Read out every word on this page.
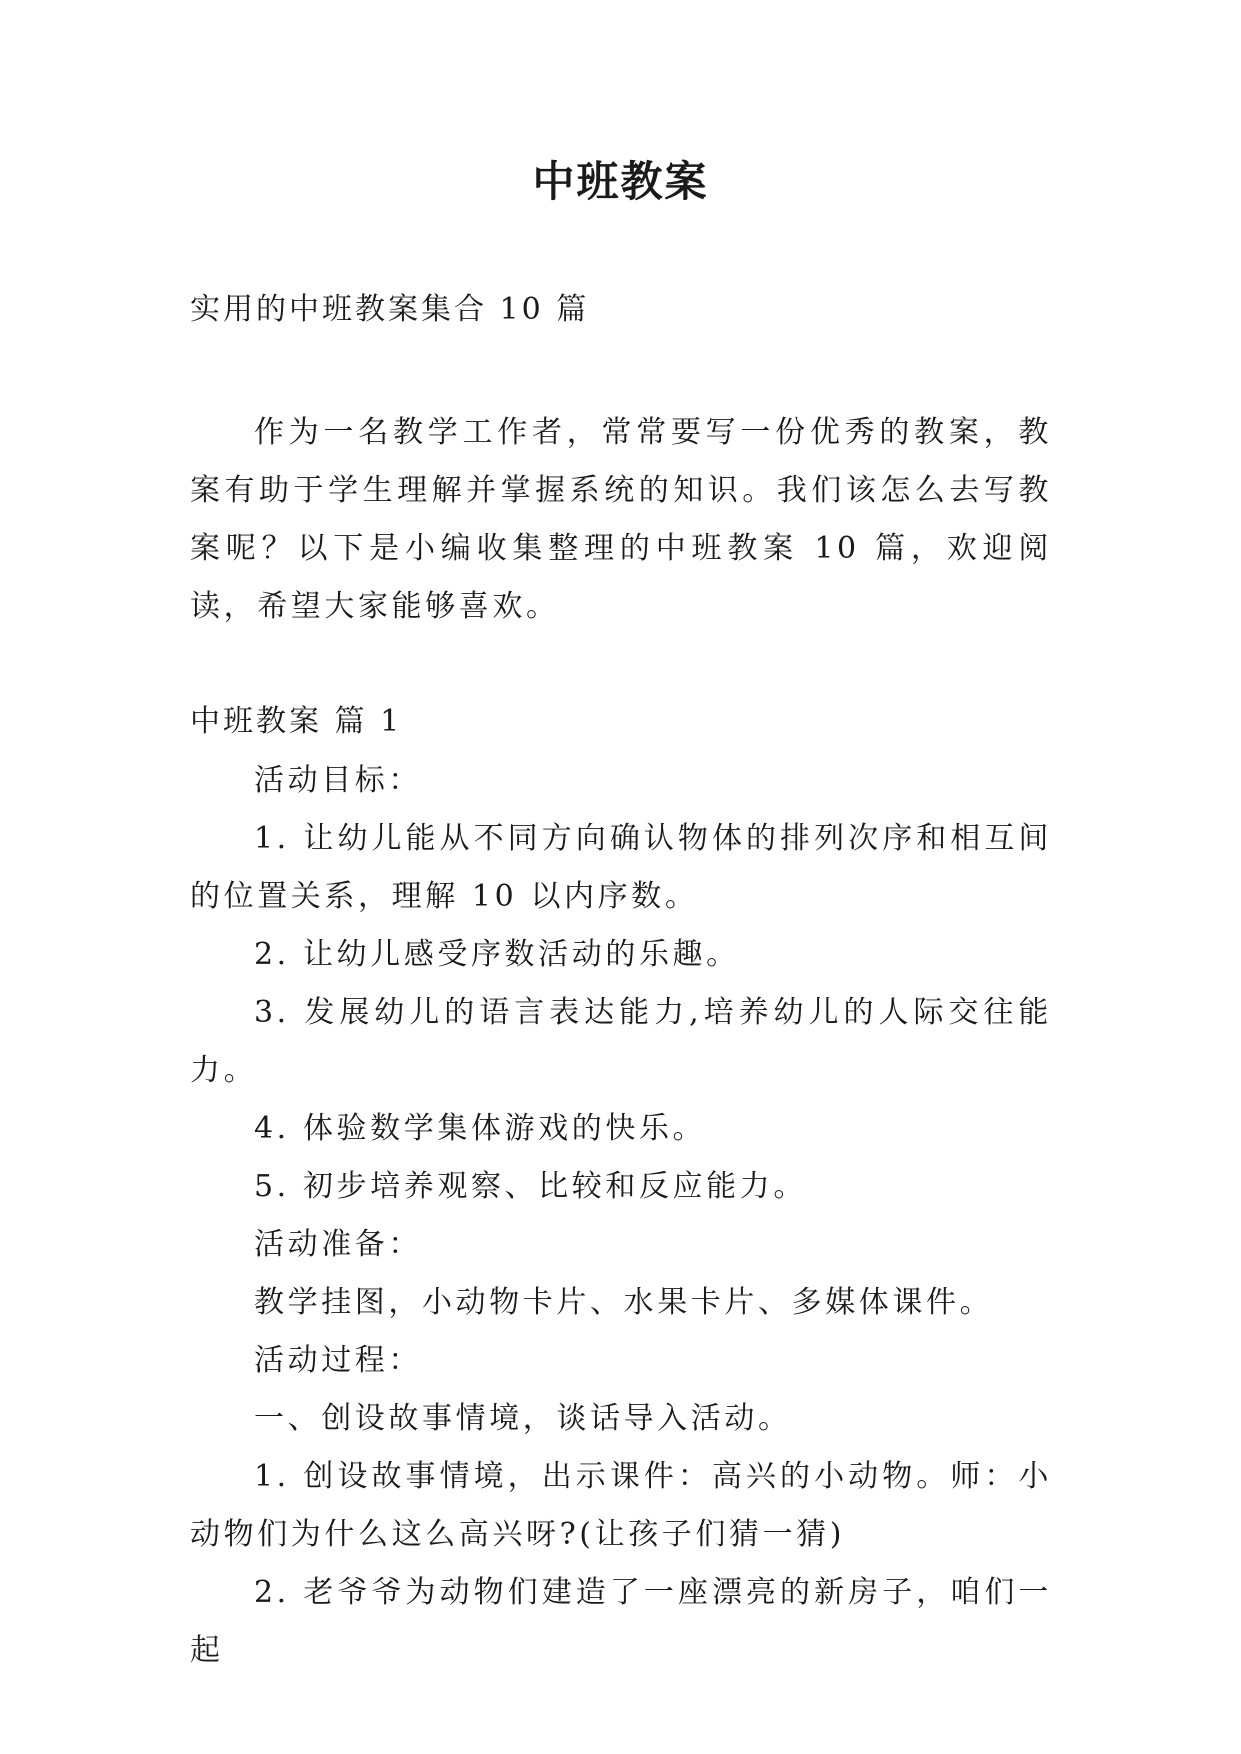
中班教案

实用的中班教案集合 10 篇

作为一名教学工作者，常常要写一份优秀的教案，教案有助于学生理解并掌握系统的知识。我们该怎么去写教案呢？以下是小编收集整理的中班教案 10 篇，欢迎阅读，希望大家能够喜欢。

中班教案 篇 1

活动目标：

1. 让幼儿能从不同方向确认物体的排列次序和相互间的位置关系，理解 10 以内序数。

2. 让幼儿感受序数活动的乐趣。

3. 发展幼儿的语言表达能力,培养幼儿的人际交往能力。

4. 体验数学集体游戏的快乐。

5. 初步培养观察、比较和反应能力。

活动准备：

教学挂图，小动物卡片、水果卡片、多媒体课件。

活动过程：

一、创设故事情境，谈话导入活动。

1. 创设故事情境，出示课件：高兴的小动物。师：小动物们为什么这么高兴呀?(让孩子们猜一猜)

2. 老爷爷为动物们建造了一座漂亮的新房子，咱们一起
